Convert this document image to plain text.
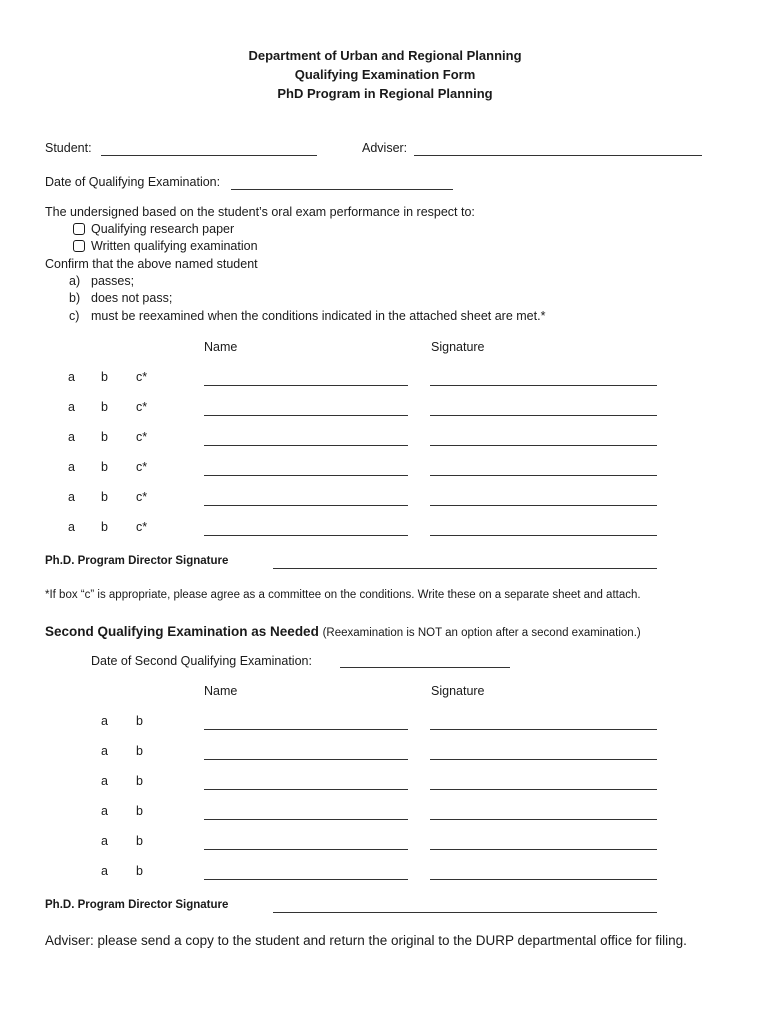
Department of Urban and Regional Planning
Qualifying Examination Form
PhD Program in Regional Planning
Student:	Adviser:
Date of Qualifying Examination:
The undersigned based on the student’s oral exam performance in respect to:
Qualifying research paper
Written qualifying examination
Confirm that the above named student
a) passes;
b) does not pass;
c) must be reexamined when the conditions indicated in the attached sheet are met.*
Name	Signature
a b c*
a b c*
a b c*
a b c*
a b c*
a b c*
Ph.D. Program Director Signature
*If box “c” is appropriate, please agree as a committee on the conditions. Write these on a separate sheet and attach.
Second Qualifying Examination as Needed (Reexamination is NOT an option after a second examination.)
Date of Second Qualifying Examination:
Name	Signature
a b
a b
a b
a b
a b
a b
Ph.D. Program Director Signature
Adviser: please send a copy to the student and return the original to the DURP departmental office for filing.
